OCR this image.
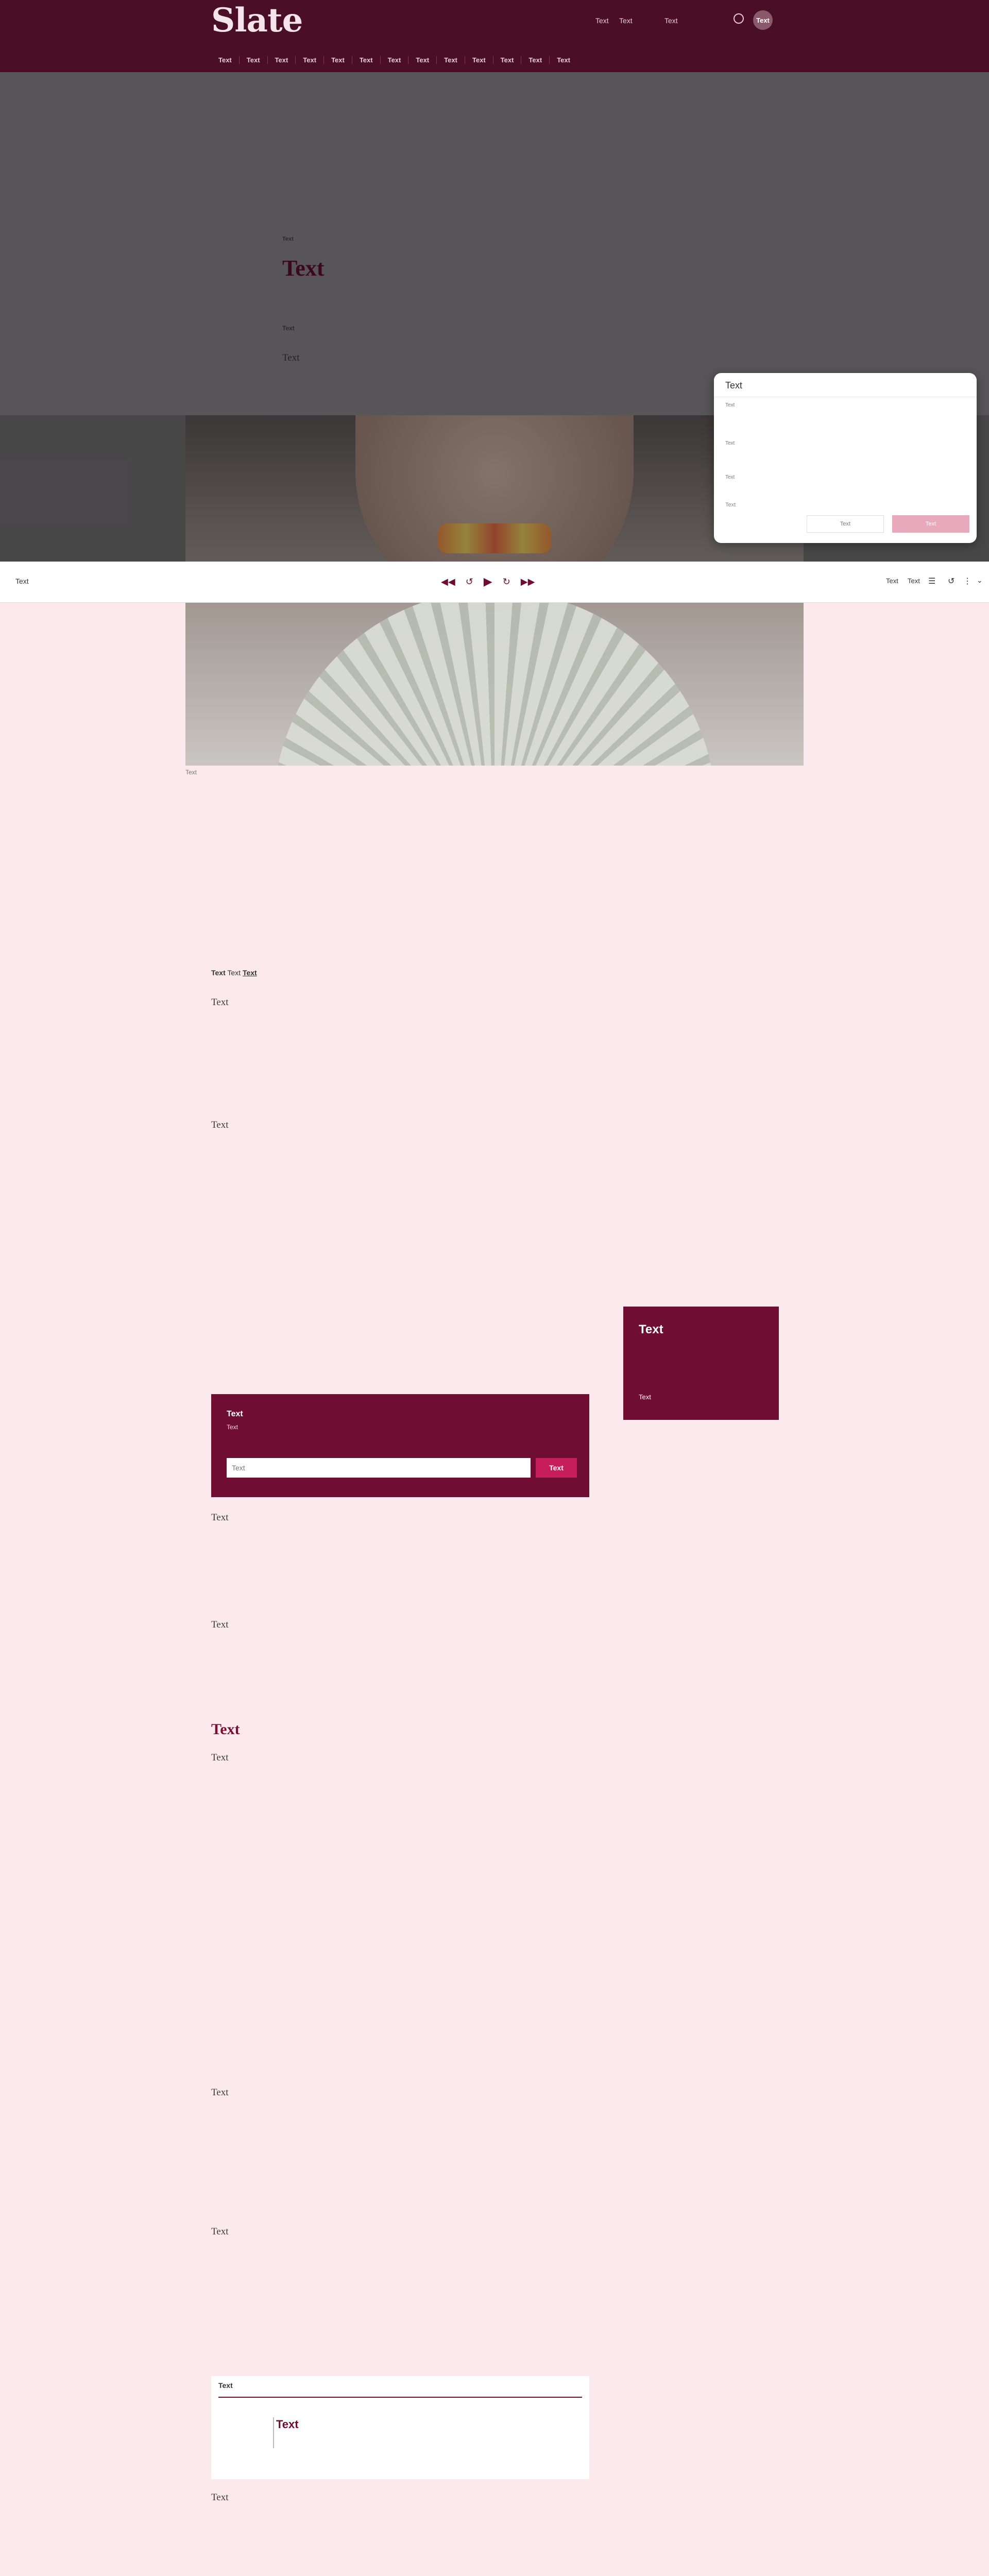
Slate	Text Text	Text	Text
Text	Text	Text	Text	Text	Text	Text	Text	Text	Text	Text	Text	Text
Text
Text
Text
Text
Text
Text	◀◀ ↺ ▶ ↻ ▶▶	Text Text ☰ ↺ ⋮ ⌄
Text
Text
Text
Text
Text
Text	Text
Text Text Text
Text
Text
Text
Text
Text
Text
Text
Text
Text
Text
Text
Text
Text
Text
Text
Text
Text
